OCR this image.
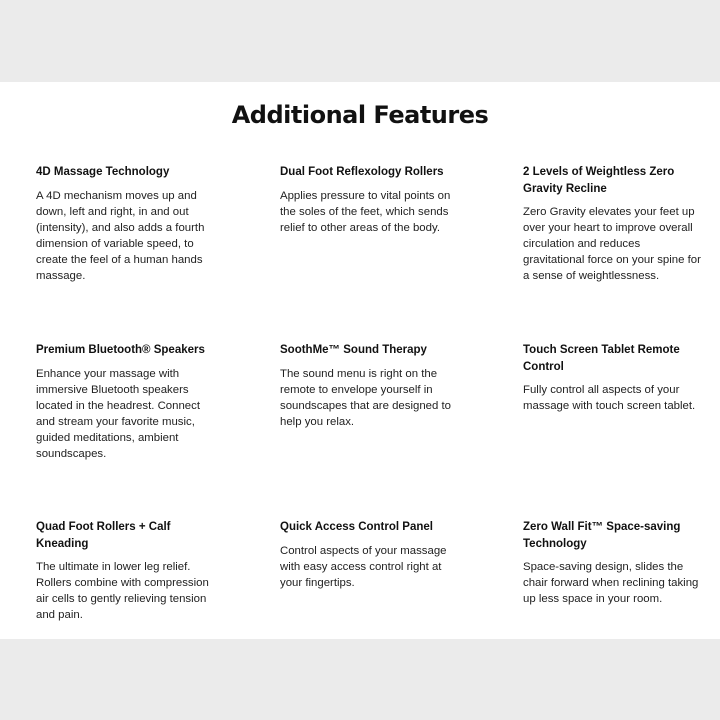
Additional Features
4D Massage Technology

A 4D mechanism moves up and down, left and right, in and out (intensity), and also adds a fourth dimension of variable speed, to create the feel of a human hands massage.

Dual Foot Reflexology Rollers

Applies pressure to vital points on the soles of the feet, which sends relief to other areas of the body.

2 Levels of Weightless Zero Gravity Recline

Zero Gravity elevates your feet up over your heart to improve overall circulation and reduces gravitational force on your spine for a sense of weightlessness.

Premium Bluetooth® Speakers

Enhance your massage with immersive Bluetooth speakers located in the headrest. Connect and stream your favorite music, guided meditations, ambient soundscapes.

SoothMe™ Sound Therapy

The sound menu is right on the remote to envelope yourself in soundscapes that are designed to help you relax.

Touch Screen Tablet Remote Control

Fully control all aspects of your massage with touch screen tablet.

Quad Foot Rollers + Calf Kneading

The ultimate in lower leg relief. Rollers combine with compression air cells to gently relieving tension and pain.

Quick Access Control Panel

Control aspects of your massage with easy access control right at your fingertips.

Zero Wall Fit™ Space-saving Technology

Space-saving design, slides the chair forward when reclining taking up less space in your room.
